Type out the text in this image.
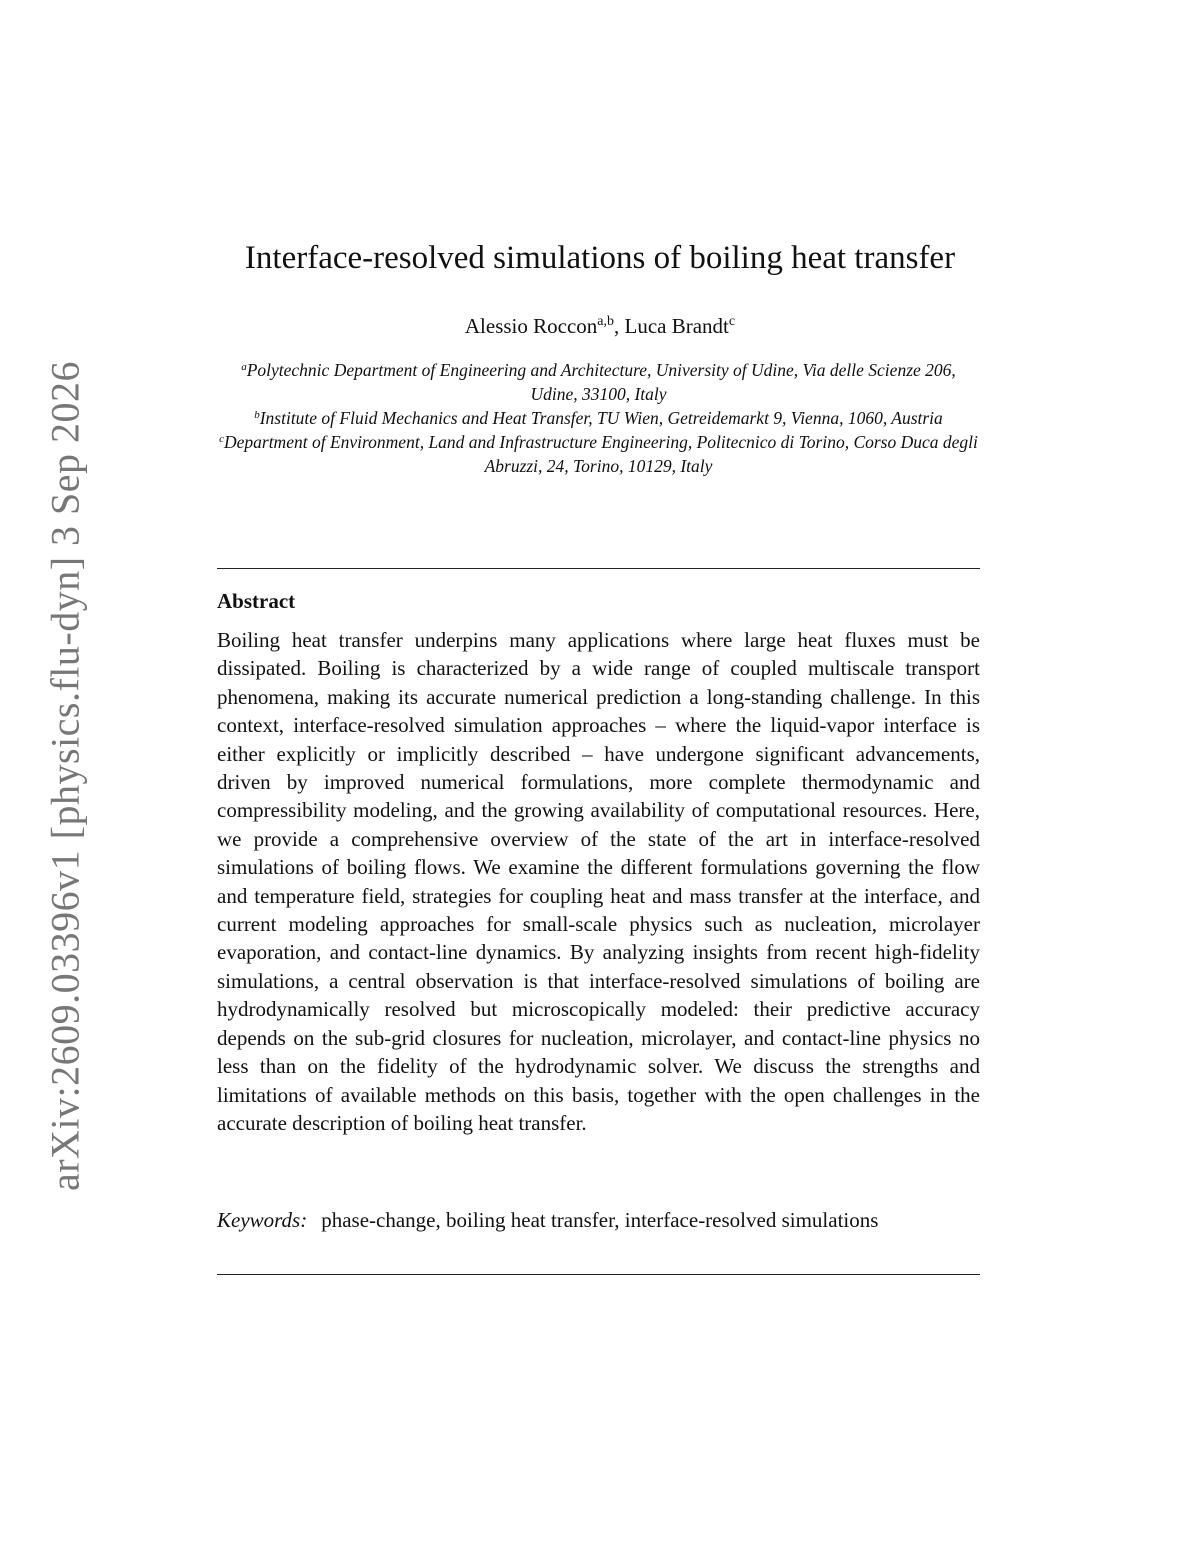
arXiv:2609.03396v1 [physics.flu-dyn] 3 Sep 2026
Interface-resolved simulations of boiling heat transfer
Alessio Roccon$^{a,b}$, Luca Brandt$^c$

$^a$Polytechnic Department of Engineering and Architecture, University of Udine, Via delle Scienze 206, Udine, 33100, Italy

$^b$Institute of Fluid Mechanics and Heat Transfer, TU Wien, Getreidemarkt 9, Vienna, 1060, Austria

$^c$Department of Environment, Land and Infrastructure Engineering, Politecnico di Torino, Corso Duca degli Abruzzi, 24, Torino, 10129, Italy

Abstract

Boiling heat transfer underpins many applications where large heat fluxes must be dissipated. Boiling is characterized by a wide range of coupled multiscale transport phenomena, making its accurate numerical prediction a long-standing challenge. In this context, interface-resolved simulation approaches – where the liquid-vapor interface is either explicitly or implicitly described – have undergone significant advancements, driven by improved numerical formulations, more complete thermodynamic and compressibility modeling, and the growing availability of computational resources. Here, we provide a comprehensive overview of the state of the art in interface-resolved simulations of boiling flows. We examine the different formulations governing the flow and temperature field, strategies for coupling heat and mass transfer at the interface, and current modeling approaches for small-scale physics such as nucleation, microlayer evaporation, and contact-line dynamics. By analyzing insights from recent high-fidelity simulations, a central observation is that interface-resolved simulations of boiling are hydrodynamically resolved but microscopically modeled: their predictive accuracy depends on the sub-grid closures for nucleation, microlayer, and contact-line physics no less than on the fidelity of the hydrodynamic solver. We discuss the strengths and limitations of available methods on this basis, together with the open challenges in the accurate description of boiling heat transfer.

Keywords: phase-change, boiling heat transfer, interface-resolved simulations
